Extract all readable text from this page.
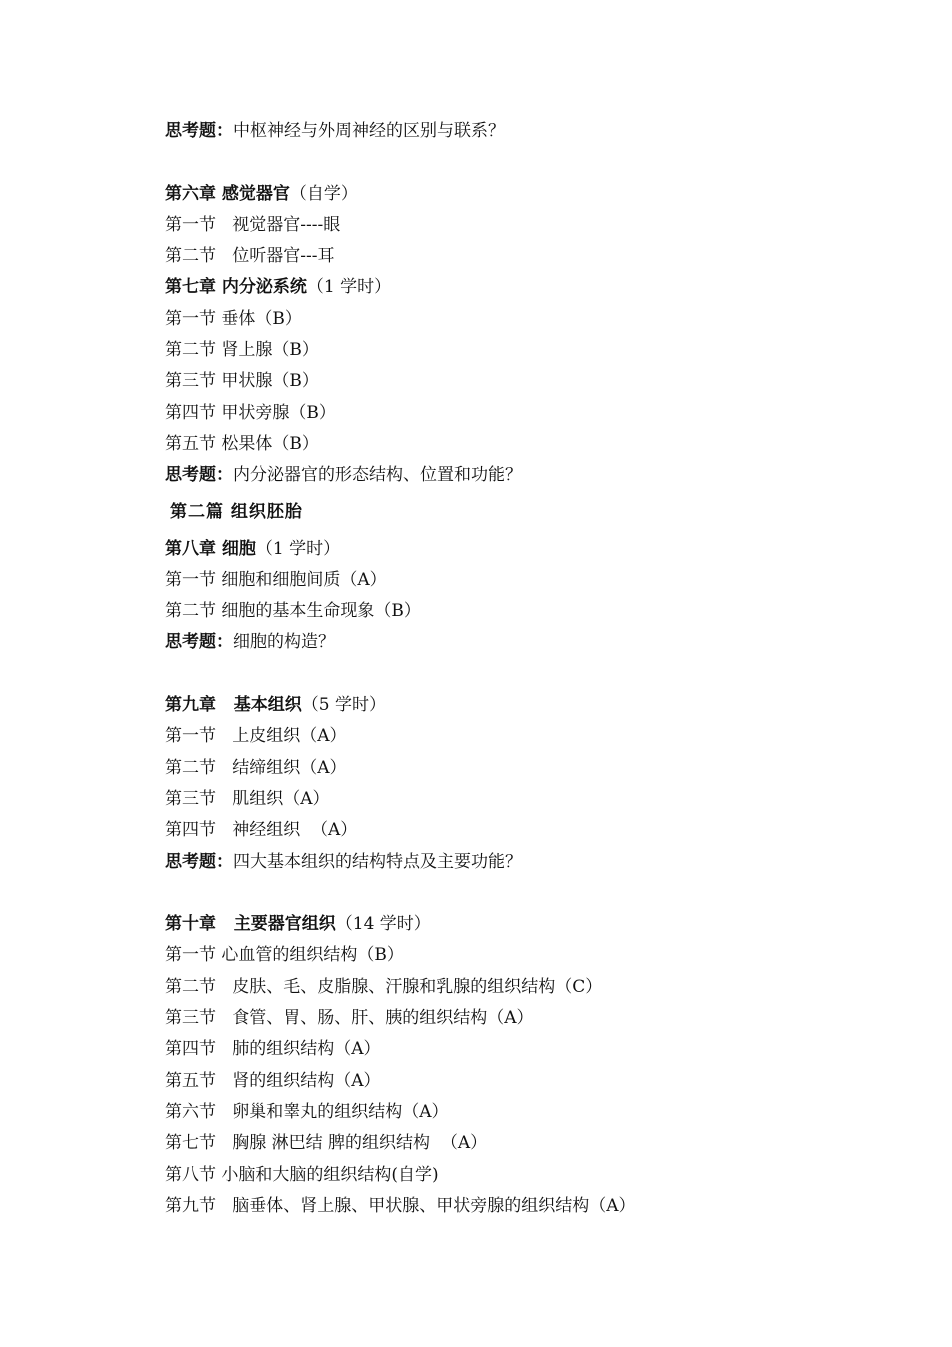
思考题：中枢神经与外周神经的区别与联系？
第六章 感觉器官（自学）
第一节   视觉器官----眼
第二节   位听器官---耳
第七章 内分泌系统（1 学时）
第一节 垂体（B）
第二节 肾上腺（B）
第三节 甲状腺（B）
第四节 甲状旁腺（B）
第五节 松果体（B）
思考题：内分泌器官的形态结构、位置和功能？
第二篇 组织胚胎
第八章 细胞（1 学时）
第一节 细胞和细胞间质（A）
第二节 细胞的基本生命现象（B）
思考题：细胞的构造？
第九章   基本组织（5 学时）
第一节   上皮组织（A）
第二节   结缔组织（A）
第三节   肌组织（A）
第四节   神经组织  （A）
思考题：四大基本组织的结构特点及主要功能？
第十章   主要器官组织（14 学时）
第一节 心血管的组织结构（B）
第二节   皮肤、毛、皮脂腺、汗腺和乳腺的组织结构（C）
第三节   食管、胃、肠、肝、胰的组织结构（A）
第四节   肺的组织结构（A）
第五节   肾的组织结构（A）
第六节   卵巢和睾丸的组织结构（A）
第七节   胸腺 淋巴结 脾的组织结构  （A）
第八节 小脑和大脑的组织结构(自学)
第九节   脑垂体、肾上腺、甲状腺、甲状旁腺的组织结构（A）
